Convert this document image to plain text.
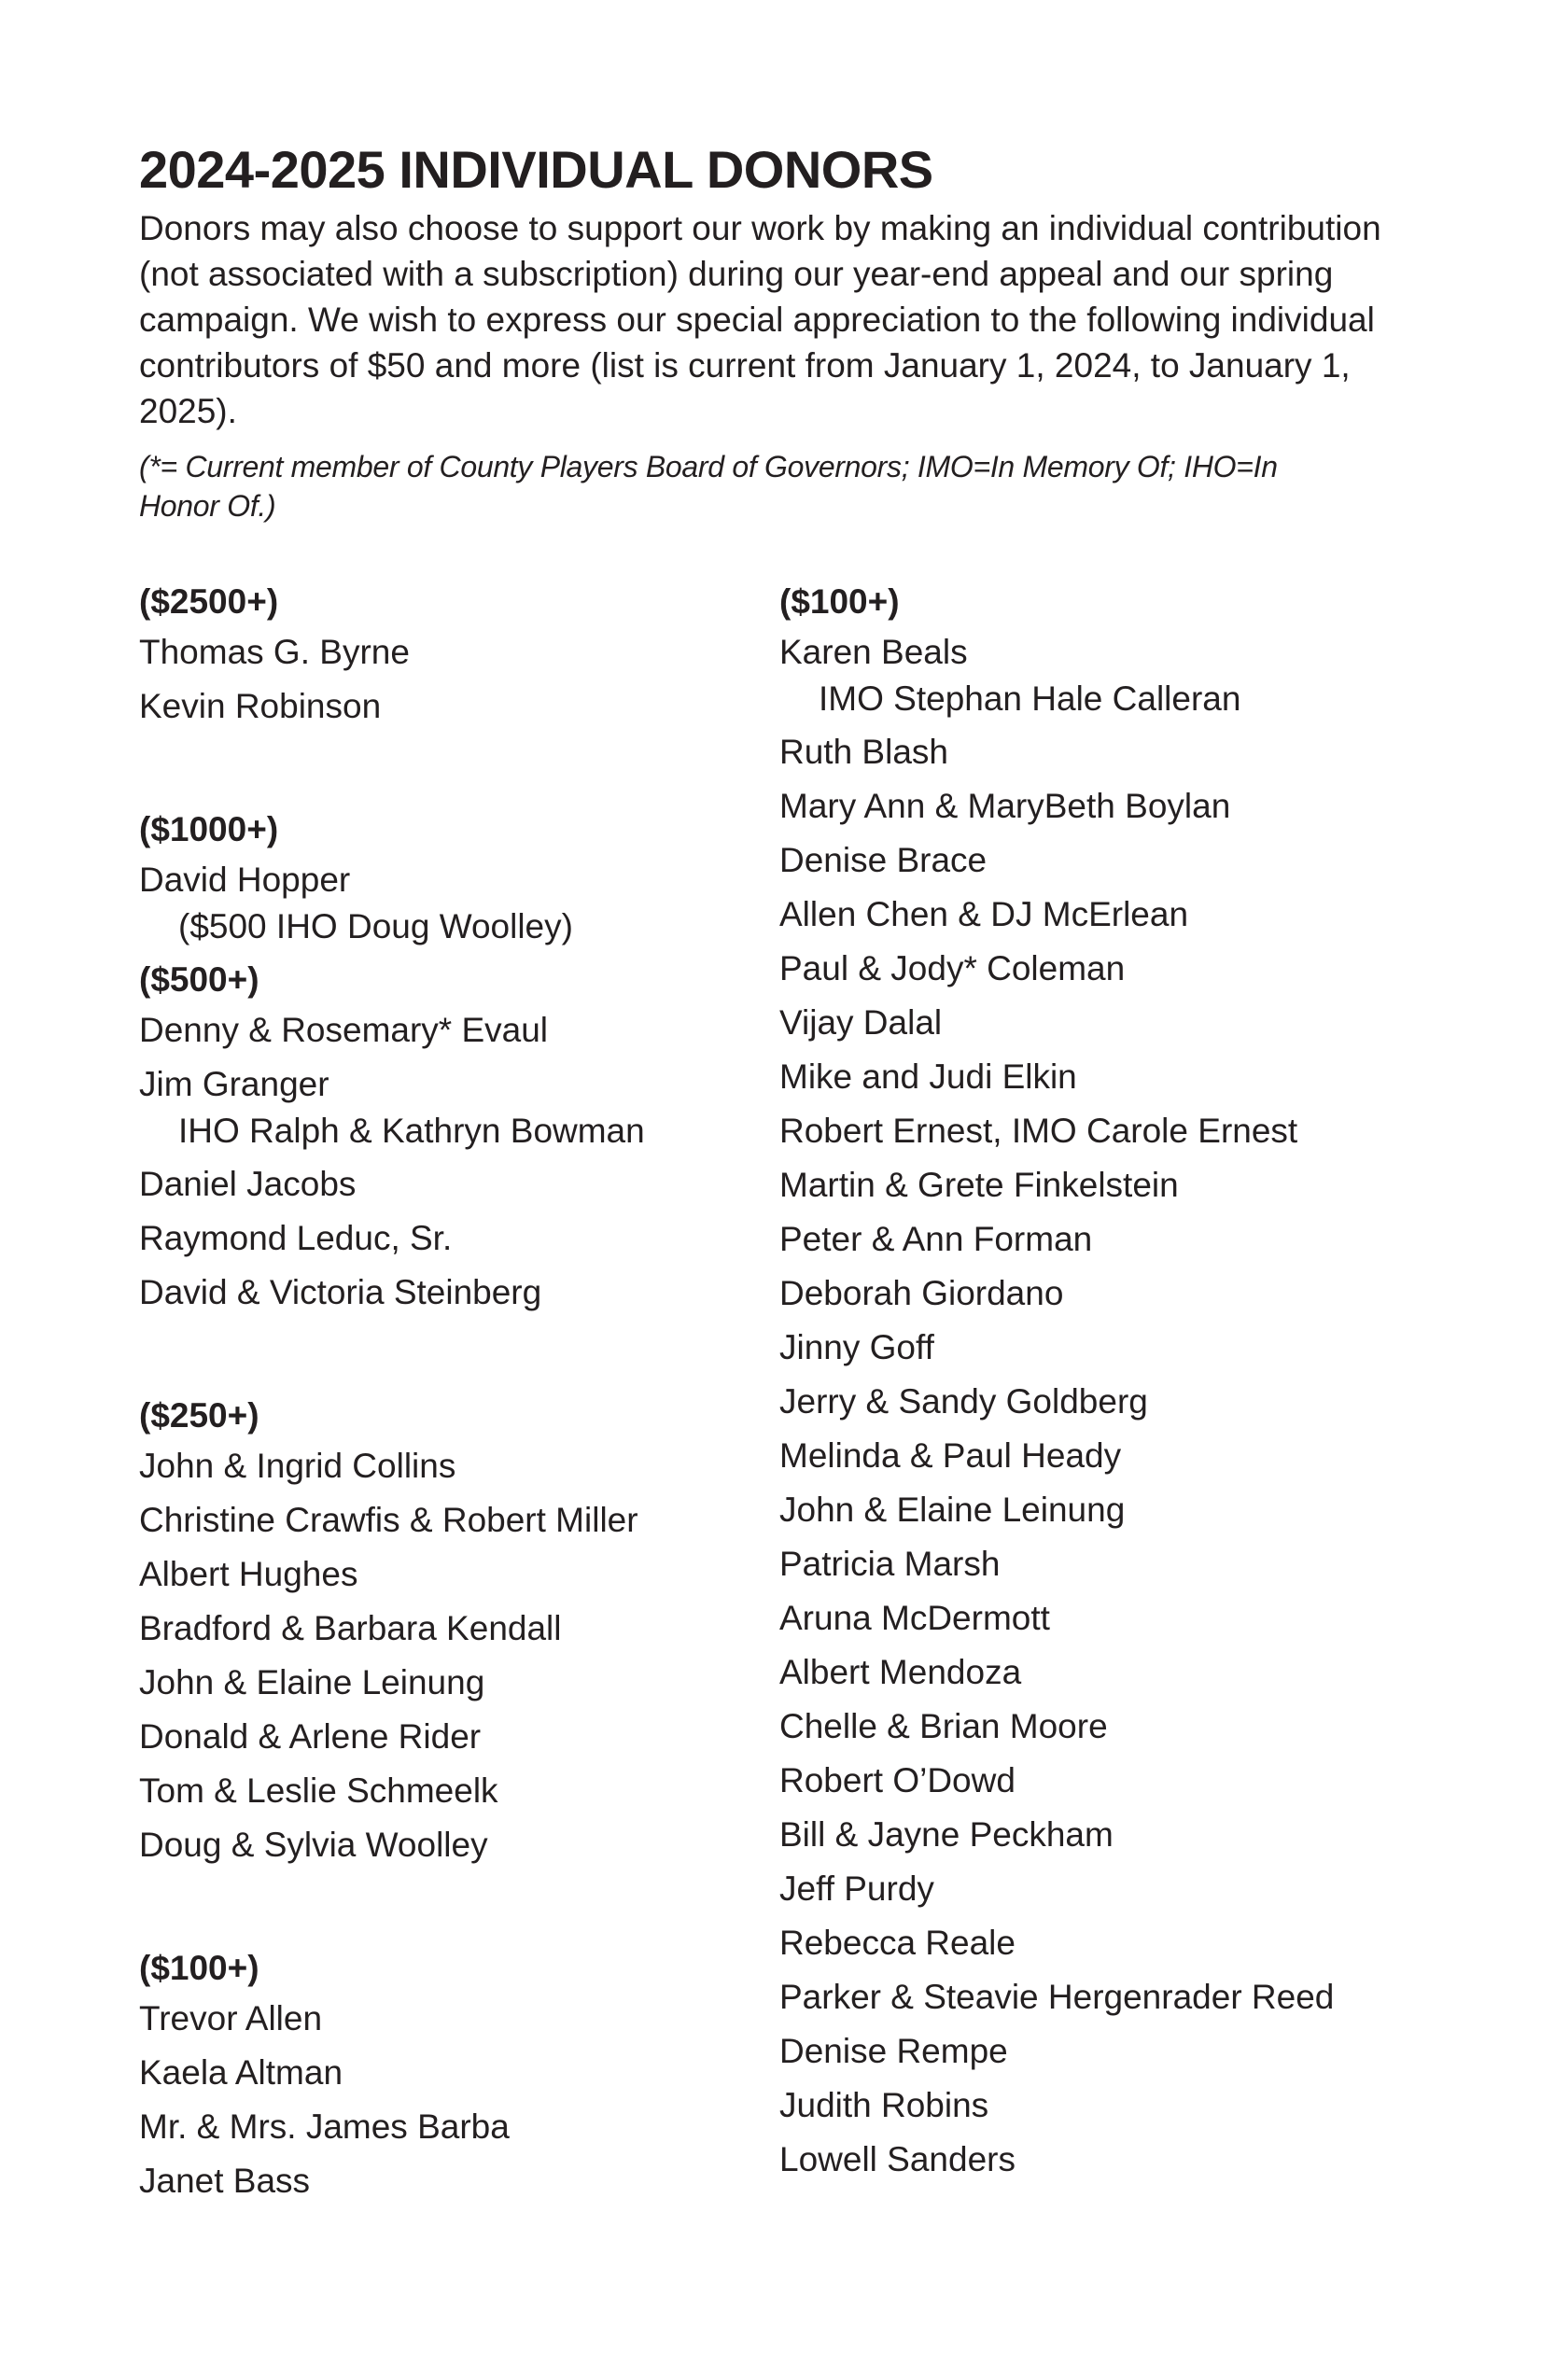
2024-2025 INDIVIDUAL DONORS

Donors may also choose to support our work by making an individual contribution (not associated with a subscription) during our year-end appeal and our spring campaign. We wish to express our special appreciation to the following individual contributors of $50 and more (list is current from January 1, 2024, to January 1, 2025).

(*= Current member of County Players Board of Governors; IMO=In Memory Of; IHO=In Honor Of.)

($2500+)
Thomas G. Byrne
Kevin Robinson
($1000+)
David Hopper
($500 IHO Doug Woolley)
($500+)
Denny & Rosemary* Evaul
Jim Granger
IHO Ralph & Kathryn Bowman
Daniel Jacobs
Raymond Leduc, Sr.
David & Victoria Steinberg
($250+)
John & Ingrid Collins
Christine Crawfis & Robert Miller
Albert Hughes
Bradford & Barbara Kendall
John & Elaine Leinung
Donald & Arlene Rider
Tom & Leslie Schmeelk
Doug & Sylvia Woolley
($100+)
Trevor Allen
Kaela Altman
Mr. & Mrs. James Barba
Janet Bass
($100+)
Karen Beals
IMO Stephan Hale Calleran
Ruth Blash
Mary Ann & MaryBeth Boylan
Denise Brace
Allen Chen & DJ McErlean
Paul & Jody* Coleman
Vijay Dalal
Mike and Judi Elkin
Robert Ernest, IMO Carole Ernest
Martin & Grete Finkelstein
Peter & Ann Forman
Deborah Giordano
Jinny Goff
Jerry & Sandy Goldberg
Melinda & Paul Heady
John & Elaine Leinung
Patricia Marsh
Aruna McDermott
Albert Mendoza
Chelle & Brian Moore
Robert O’Dowd
Bill & Jayne Peckham
Jeff Purdy
Rebecca Reale
Parker & Steavie Hergenrader Reed
Denise Rempe
Judith Robins
Lowell Sanders
